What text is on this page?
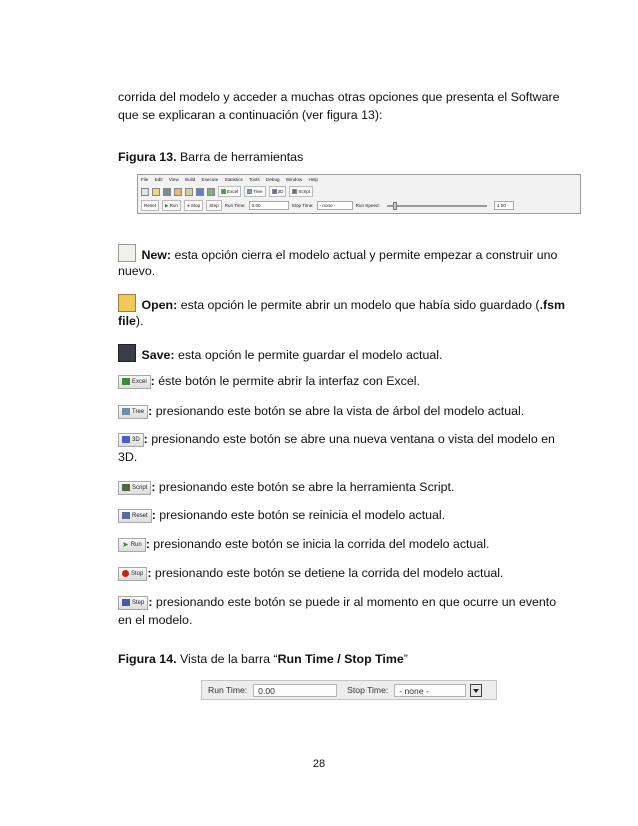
corrida del modelo y acceder a muchas otras opciones que presenta el Software

que se explicaran a continuación (ver figura 13):

Figura 13. Barra de herramientas

File Edit View Build Execute Statistics Tools Debug Window Help
Excel	Tree	3D	Script
Reset ▶ Run ● Stop Step Run Time:	0.00	Stop Time:	- none -	Run Speed:	4.00

New: esta opción cierra el modelo actual y permite empezar a construir uno

nuevo.

Open: esta opción le permite abrir un modelo que había sido guardado (.fsm

file).

Save: esta opción le permite guardar el modelo actual.

Excel : éste botón le permite abrir la interfaz con Excel.

Tree : presionando este botón se abre la vista de árbol del modelo actual.

3D : presionando este botón se abre una nueva ventana o vista del modelo en

3D.

Script : presionando este botón se abre la herramienta Script.

Reset : presionando este botón se reinicia el modelo actual.

➤ Run : presionando este botón se inicia la corrida del modelo actual.

Stop : presionando este botón se detiene la corrida del modelo actual.

Step : presionando este botón se puede ir al momento en que ocurre un evento

en el modelo.

Figura 14. Vista de la barra “Run Time / Stop Time”

Run Time:	0.00	Stop Time:	- none -
28
